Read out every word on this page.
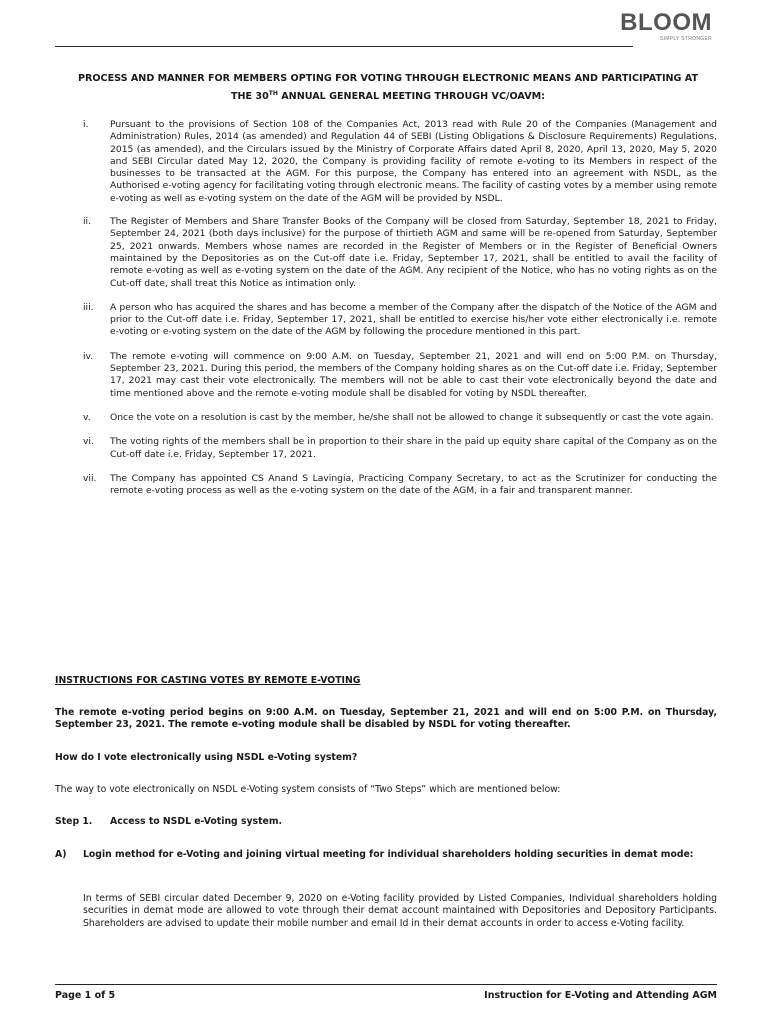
BLOOM
SIMPLY STRONGER
PROCESS AND MANNER FOR MEMBERS OPTING FOR VOTING THROUGH ELECTRONIC MEANS AND PARTICIPATING AT
THE 30TH ANNUAL GENERAL MEETING THROUGH VC/OAVM:
i.	Pursuant to the provisions of Section 108 of the Companies Act, 2013 read with Rule 20 of the Companies (Management and Administration) Rules, 2014 (as amended) and Regulation 44 of SEBI (Listing Obligations & Disclosure Requirements) Regulations, 2015 (as amended), and the Circulars issued by the Ministry of Corporate Affairs dated April 8, 2020, April 13, 2020, May 5, 2020 and SEBI Circular dated May 12, 2020, the Company is providing facility of remote e-voting to its Members in respect of the businesses to be transacted at the AGM. For this purpose, the Company has entered into an agreement with NSDL, as the Authorised e-voting agency for facilitating voting through electronic means. The facility of casting votes by a member using remote e-voting as well as e-voting system on the date of the AGM will be provided by NSDL.
ii.	The Register of Members and Share Transfer Books of the Company will be closed from Saturday, September 18, 2021 to Friday, September 24, 2021 (both days inclusive) for the purpose of thirtieth AGM and same will be re-opened from Saturday, September 25, 2021 onwards. Members whose names are recorded in the Register of Members or in the Register of Beneficial Owners maintained by the Depositories as on the Cut-off date i.e. Friday, September 17, 2021, shall be entitled to avail the facility of remote e-voting as well as e-voting system on the date of the AGM. Any recipient of the Notice, who has no voting rights as on the Cut-off date, shall treat this Notice as intimation only.
iii.	A person who has acquired the shares and has become a member of the Company after the dispatch of the Notice of the AGM and prior to the Cut-off date i.e. Friday, September 17, 2021, shall be entitled to exercise his/her vote either electronically i.e. remote e-voting or e-voting system on the date of the AGM by following the procedure mentioned in this part.
iv.	The remote e-voting will commence on 9:00 A.M. on Tuesday, September 21, 2021 and will end on 5:00 P.M. on Thursday, September 23, 2021. During this period, the members of the Company holding shares as on the Cut-off date i.e. Friday, September 17, 2021 may cast their vote electronically. The members will not be able to cast their vote electronically beyond the date and time mentioned above and the remote e-voting module shall be disabled for voting by NSDL thereafter.
v.	Once the vote on a resolution is cast by the member, he/she shall not be allowed to change it subsequently or cast the vote again.
vi.	The voting rights of the members shall be in proportion to their share in the paid up equity share capital of the Company as on the Cut-off date i.e. Friday, September 17, 2021.
vii.	The Company has appointed CS Anand S Lavingia, Practicing Company Secretary, to act as the Scrutinizer for conducting the remote e-voting process as well as the e-voting system on the date of the AGM, in a fair and transparent manner.
INSTRUCTIONS FOR CASTING VOTES BY REMOTE E-VOTING
The remote e-voting period begins on 9:00 A.M. on Tuesday, September 21, 2021 and will end on 5:00 P.M. on Thursday, September 23, 2021. The remote e-voting module shall be disabled by NSDL for voting thereafter.
How do I vote electronically using NSDL e-Voting system?
The way to vote electronically on NSDL e-Voting system consists of “Two Steps” which are mentioned below:
Step 1.	Access to NSDL e-Voting system.
A)	Login method for e-Voting and joining virtual meeting for individual shareholders holding securities in demat mode:
In terms of SEBI circular dated December 9, 2020 on e-Voting facility provided by Listed Companies, Individual shareholders holding securities in demat mode are allowed to vote through their demat account maintained with Depositories and Depository Participants. Shareholders are advised to update their mobile number and email Id in their demat accounts in order to access e-Voting facility.
Page 1 of 5	Instruction for E-Voting and Attending AGM
